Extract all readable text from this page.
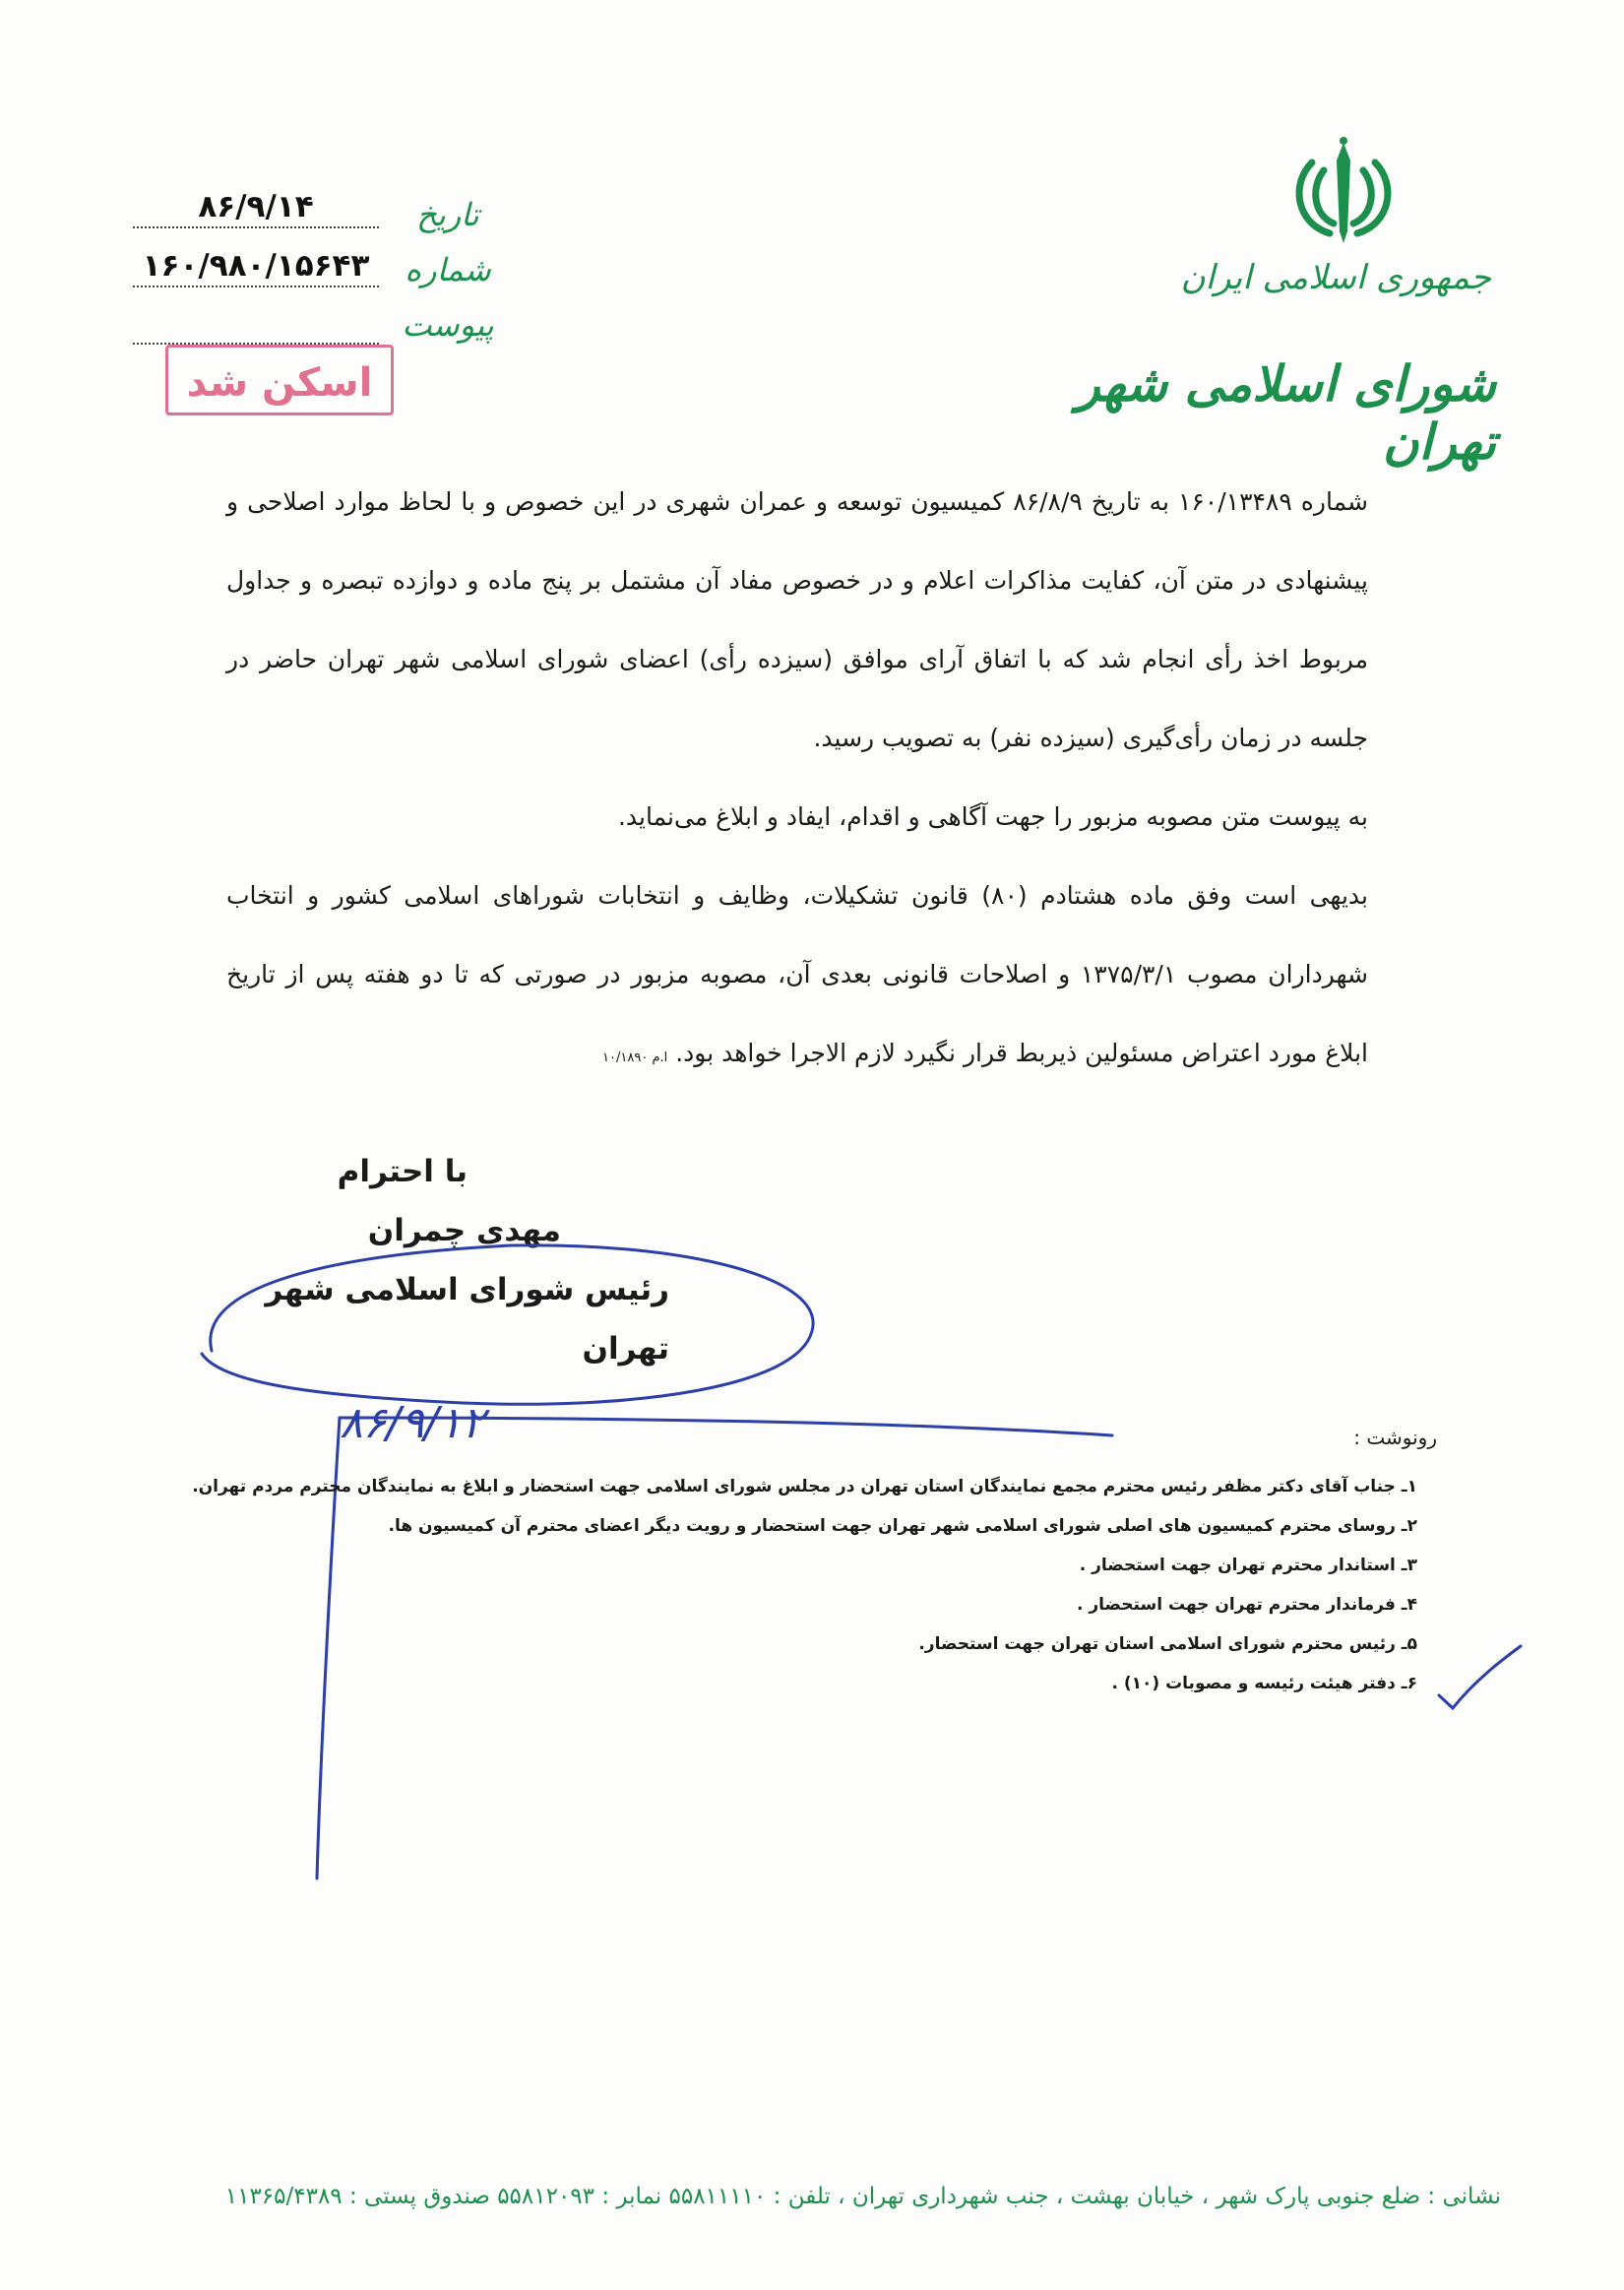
جمهوری اسلامی ایران
شورای اسلامی شهر تهران
تاریخ
شماره
پیوست
۸۶/۹/۱۴
۱۶۰/۹۸۰/۱۵۶۴۳
اسکن شد

شماره ۱۶۰/۱۳۴۸۹ به تاریخ ۸۶/۸/۹ کمیسیون توسعه و عمران شهری در این خصوص و با لحاظ موارد اصلاحی و پیشنهادی در متن آن، کفایت مذاکرات اعلام و در خصوص مفاد آن مشتمل بر پنج ماده و دوازده تبصره و جداول مربوط اخذ رأی انجام شد که با اتفاق آرای موافق (سیزده رأی) اعضای شورای اسلامی شهر تهران حاضر در جلسه در زمان رأی‌گیری (سیزده نفر) به تصویب رسید.

به پیوست متن مصوبه مزبور را جهت آگاهی و اقدام، ایفاد و ابلاغ می‌نماید.

بدیهی است وفق ماده هشتادم (۸۰) قانون تشکیلات، وظایف و انتخابات شوراهای اسلامی کشور و انتخاب شهرداران مصوب ۱۳۷۵/۳/۱ و اصلاحات قانونی بعدی آن، مصوبه مزبور در صورتی که تا دو هفته پس از تاریخ ابلاغ مورد اعتراض مسئولین ذیربط قرار نگیرد لازم الاجرا خواهد بود. ا.م ۱۰/۱۸۹۰

با احترام
مهدی چمران
رئیس شورای اسلامی شهر تهران
۸۶/۹/۱۲	رونوشت :
۱ـ جناب آقای دکتر مظفر رئیس محترم مجمع نمایندگان استان تهران در مجلس شورای اسلامی جهت استحضار و ابلاغ به نمایندگان محترم مردم تهران.
۲ـ روسای محترم کمیسیون های اصلی شورای اسلامی شهر تهران جهت استحضار و رویت دیگر اعضای محترم آن کمیسیون ها.
۳ـ استاندار محترم تهران جهت استحضار .
۴ـ فرماندار محترم تهران جهت استحضار .
۵ـ رئیس محترم شورای اسلامی استان تهران جهت استحضار.
۶ـ دفتر هیئت رئیسه و مصوبات (۱۰) .
نشانی : ضلع جنوبی پارک شهر ، خیابان بهشت ، جنب شهرداری تهران ، تلفن : ۵۵۸۱۱۱۱۰ نمابر : ۵۵۸۱۲۰۹۳ صندوق پستی : ۱۱۳۶۵/۴۳۸۹
